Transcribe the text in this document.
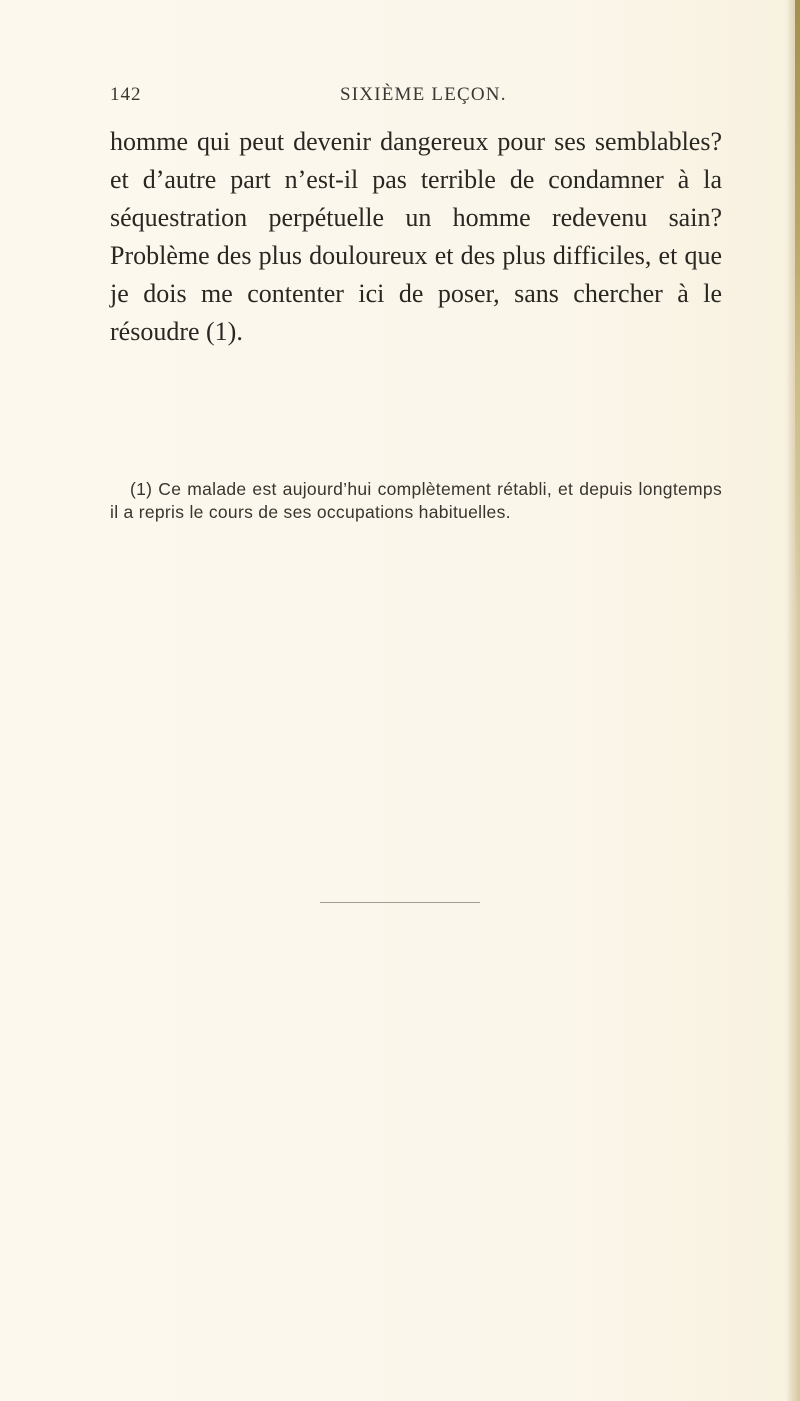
142	SIXIÈME LEÇON.

homme qui peut devenir dangereux pour ses semblables? et d’autre part n’est-il pas terrible de condamner à la séquestration perpétuelle un homme redevenu sain? Problème des plus douloureux et des plus difficiles, et que je dois me contenter ici de poser, sans chercher à le résoudre (1).

(1) Ce malade est aujourd’hui complètement rétabli, et depuis longtemps il a repris le cours de ses occupations habituelles.
